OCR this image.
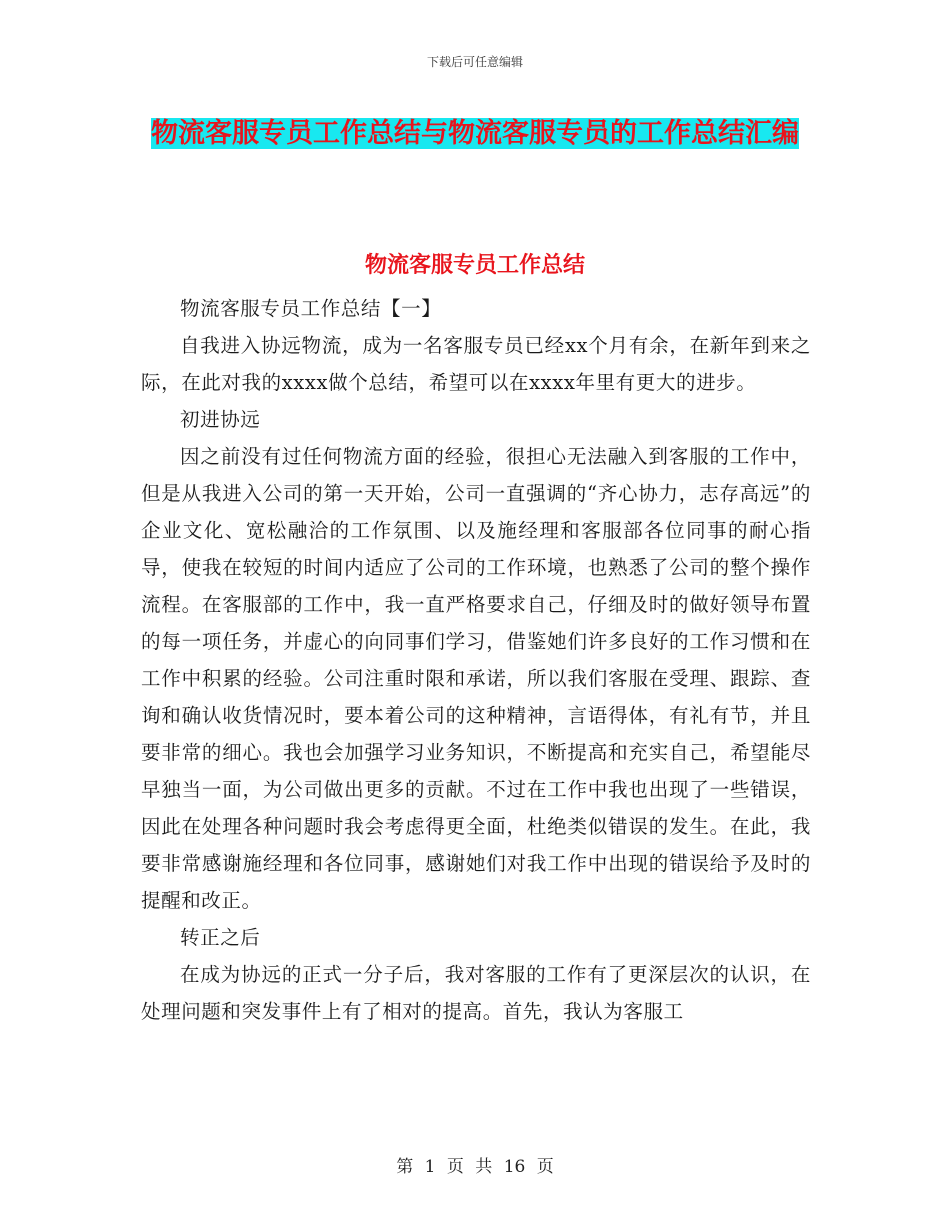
下载后可任意编辑
物流客服专员工作总结与物流客服专员的工作总结汇编
物流客服专员工作总结

物流客服专员工作总结【一】

自我进入协远物流，成为一名客服专员已经xx个月有余，在新年到来之际，在此对我的xxxx做个总结，希望可以在xxxx年里有更大的进步。

初进协远

因之前没有过任何物流方面的经验，很担心无法融入到客服的工作中，但是从我进入公司的第一天开始，公司一直强调的“齐心协力，志存高远”的企业文化、宽松融洽的工作氛围、以及施经理和客服部各位同事的耐心指导，使我在较短的时间内适应了公司的工作环境，也熟悉了公司的整个操作流程。在客服部的工作中，我一直严格要求自己，仔细及时的做好领导布置的每一项任务，并虚心的向同事们学习，借鉴她们许多良好的工作习惯和在工作中积累的经验。公司注重时限和承诺，所以我们客服在受理、跟踪、查询和确认收货情况时，要本着公司的这种精神，言语得体，有礼有节，并且要非常的细心。我也会加强学习业务知识，不断提高和充实自己，希望能尽早独当一面，为公司做出更多的贡献。不过在工作中我也出现了一些错误，因此在处理各种问题时我会考虑得更全面，杜绝类似错误的发生。在此，我要非常感谢施经理和各位同事，感谢她们对我工作中出现的错误给予及时的提醒和改正。

转正之后

在成为协远的正式一分子后，我对客服的工作有了更深层次的认识，在处理问题和突发事件上有了相对的提高。首先，我认为客服工

第 1 页 共 16 页
